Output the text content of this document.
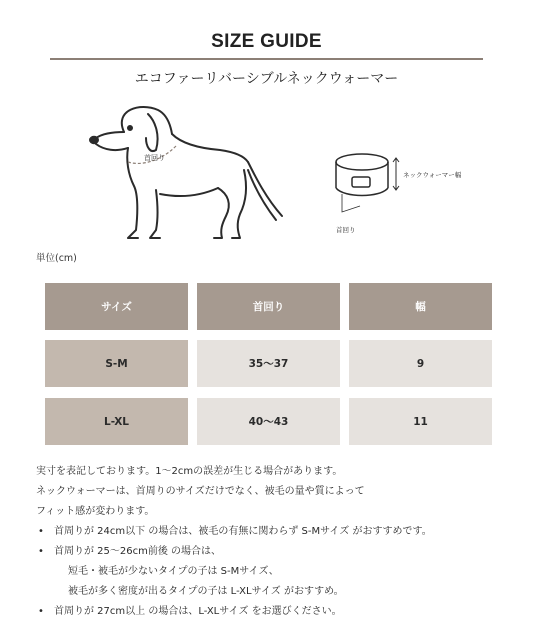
SIZE GUIDE
エコファーリバーシブルネックウォーマー
首回り
ネックウォーマー幅
首回り
単位(cm)
サイズ	首回り	幅
S-M	35〜37	9
L-XL	40〜43	11

実寸を表記しております。1〜2cmの誤差が生じる場合があります。

ネックウォーマーは、首周りのサイズだけでなく、被毛の量や質によって

フィット感が変わります。

• 首周りが 24cm以下 の場合は、被毛の有無に関わらず S-Mサイズ がおすすめです。
• 首周りが 25〜26cm前後 の場合は、
短毛・被毛が少ないタイプの子は S-Mサイズ、
被毛が多く密度が出るタイプの子は L-XLサイズ がおすすめ。
• 首周りが 27cm以上 の場合は、L-XLサイズ をお選びください。
